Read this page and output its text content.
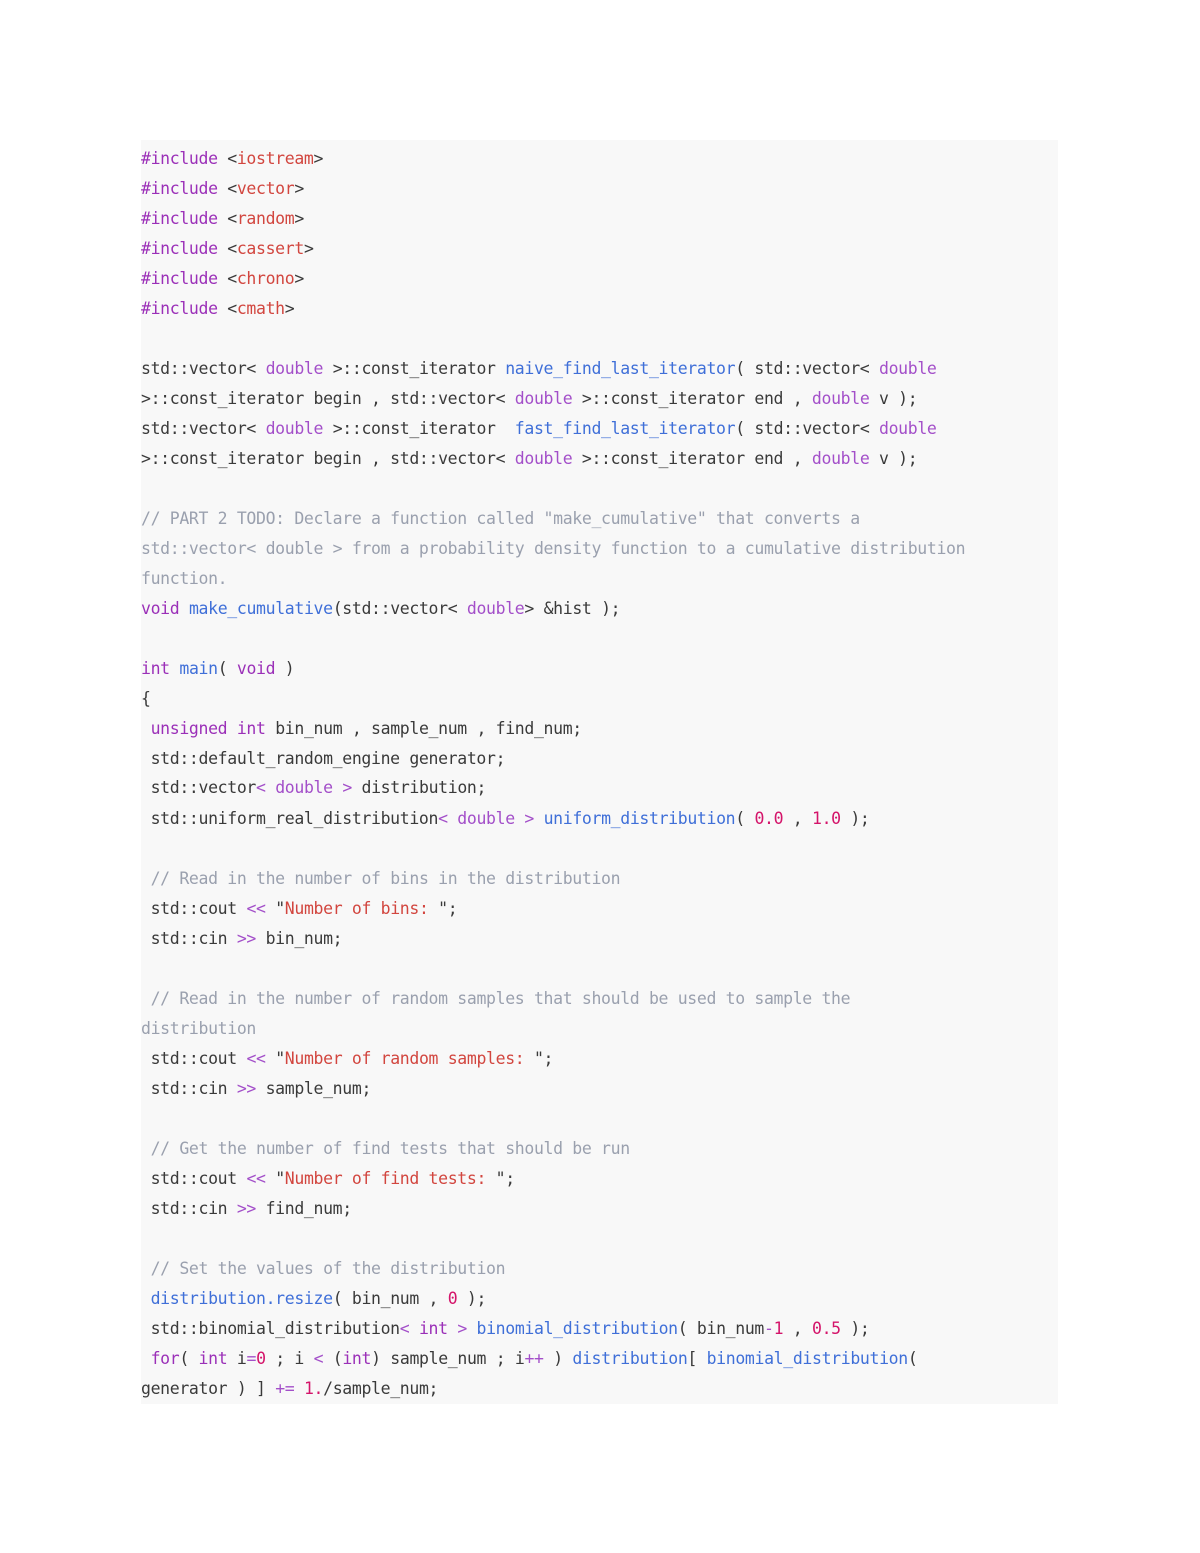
#include <iostream>
#include <vector>
#include <random>
#include <cassert>
#include <chrono>
#include <cmath>
std::vector< double >::const_iterator naive_find_last_iterator( std::vector< double
>::const_iterator begin , std::vector< double >::const_iterator end , double v );
std::vector< double >::const_iterator  fast_find_last_iterator( std::vector< double
>::const_iterator begin , std::vector< double >::const_iterator end , double v );
// PART 2 TODO: Declare a function called "make_cumulative" that converts a
std::vector< double > from a probability density function to a cumulative distribution
function.
void make_cumulative(std::vector< double> &hist );
int main( void )
{
unsigned int bin_num , sample_num , find_num;
std::default_random_engine generator;
std::vector< double > distribution;
std::uniform_real_distribution< double > uniform_distribution( 0.0 , 1.0 );
// Read in the number of bins in the distribution
std::cout << "Number of bins: ";
std::cin >> bin_num;
// Read in the number of random samples that should be used to sample the
distribution
std::cout << "Number of random samples: ";
std::cin >> sample_num;
// Get the number of find tests that should be run
std::cout << "Number of find tests: ";
std::cin >> find_num;
// Set the values of the distribution
distribution.resize( bin_num , 0 );
std::binomial_distribution< int > binomial_distribution( bin_num-1 , 0.5 );
for( int i=0 ; i < (int) sample_num ; i++ ) distribution[ binomial_distribution(
generator ) ] += 1./sample_num;
